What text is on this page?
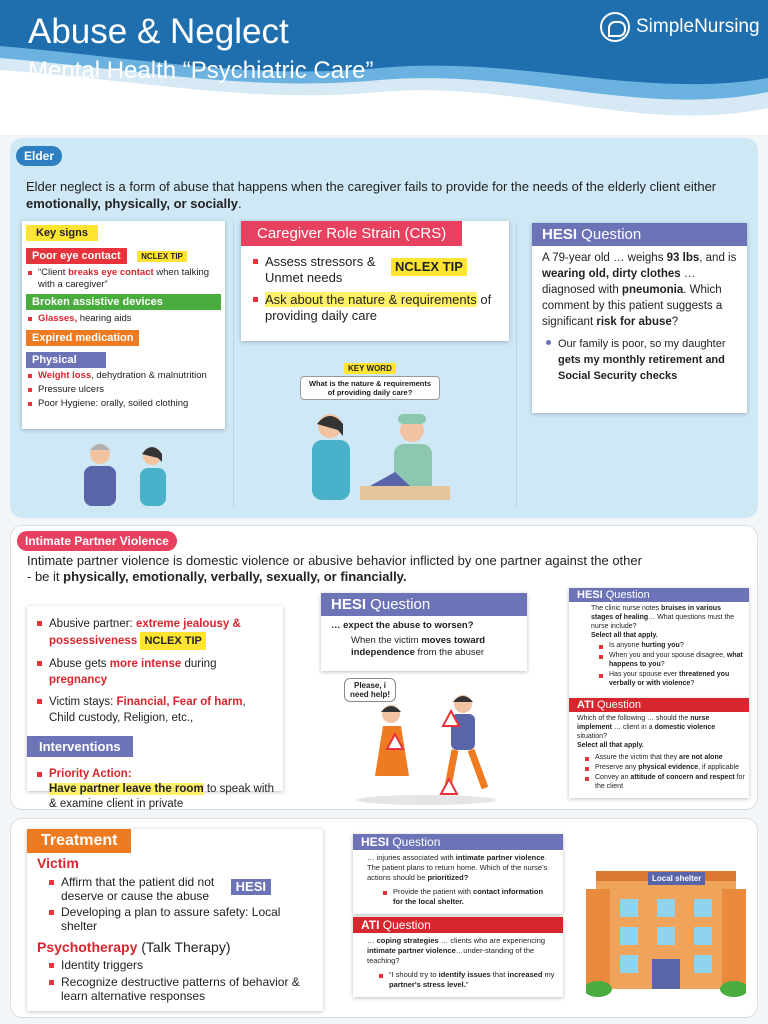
Abuse & Neglect
Mental Health “Psychiatric Care”
SimpleNursing
Elder
Elder neglect is a form of abuse that happens when the caregiver fails to provide for the needs of the elderly client either emotionally, physically, or socially.
Key signs
Poor eye contact	NCLEX TIP
“Client breaks eye contact when talking with a caregiver”
Broken assistive devices
Glasses, hearing aids
Expired medication
Physical
Weight loss, dehydration & malnutrition
Pressure ulcers
Poor Hygiene: orally, soiled clothing
Caregiver Role Strain (CRS)
Assess stressors & Unmet needs
NCLEX TIP
Ask about the nature & requirements of providing daily care
KEY WORD
What is the nature & requirements of providing daily care?
HESI Question
A 79-year old … weighs 93 lbs, and is wearing old, dirty clothes … diagnosed with pneumonia. Which comment by this patient suggests a significant risk for abuse?
Our family is poor, so my daughter gets my monthly retirement and Social Security checks
Intimate Partner Violence
Intimate partner violence is domestic violence or abusive behavior inflicted by one partner against the other
- be it physically, emotionally, verbally, sexually, or financially.
Abusive partner: extreme jealousy & possessiveness NCLEX TIP
Abuse gets more intense during pregnancy
Victim stays: Financial, Fear of harm, Child custody, Religion, etc.,
Interventions
Priority Action:
Have partner leave the room to speak with & examine client in private
HESI Question
… expect the abuse to worsen?
When the victim moves toward independence from the abuser
Please, i need help!
HESI Question
The clinic nurse notes bruises in various stages of healing… What questions must the nurse include?
Select all that apply.
Is anyone hurting you?
When you and your spouse disagree, what happens to you?
Has your spouse ever threatened you verbally or with violence?
ATI Question
Which of the following … should the nurse implement … client in a domestic violence situation?
Select all that apply.
Assure the victim that they are not alone
Preserve any physical evidence, if applicable
Convey an attitude of concern and respect for the client
Treatment
Victim
Affirm that the patient did not deserve or cause the abuse
HESI
Developing a plan to assure safety: Local shelter
Psychotherapy (Talk Therapy)
Identity triggers
Recognize destructive patterns of behavior & learn alternative responses
HESI Question
… injuries associated with intimate partner violence. The patient plans to return home. Which of the nurse's actions should be prioritized?
Provide the patient with contact information for the local shelter.
ATI Question
… coping strategies … clients who are experiencing intimate partner violence…under-standing of the teaching?
“I should try to identify issues that increased my partner's stress level.”
Local shelter
